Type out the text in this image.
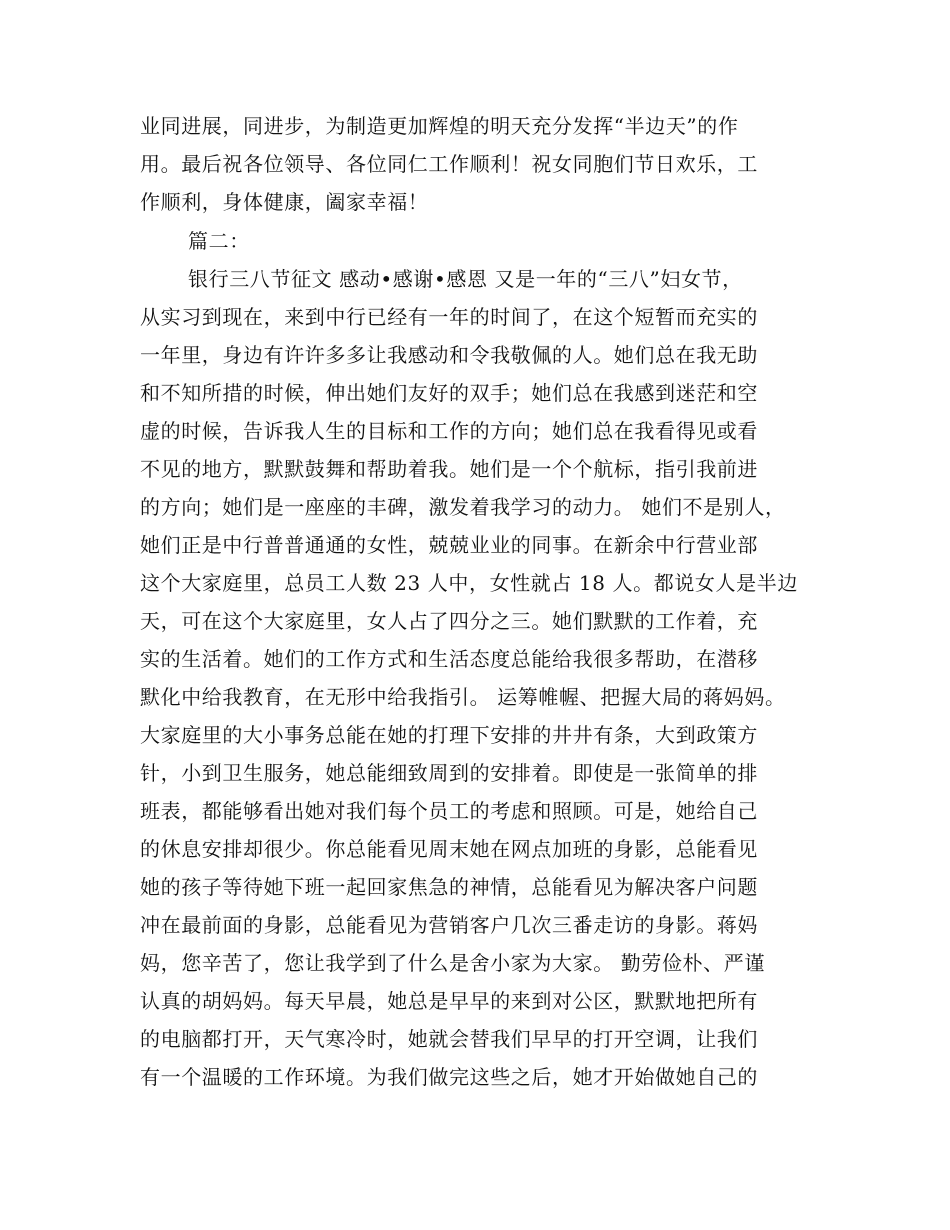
业同进展，同进步，为制造更加辉煌的明天充分发挥“半边天”的作
用。最后祝各位领导、各位同仁工作顺利！祝女同胞们节日欢乐，工
作顺利，身体健康，阖家幸福！
篇二：
银行三八节征文 感动•感谢•感恩 又是一年的“三八”妇女节，
从实习到现在，来到中行已经有一年的时间了，在这个短暂而充实的
一年里，身边有许许多多让我感动和令我敬佩的人。她们总在我无助
和不知所措的时候，伸出她们友好的双手；她们总在我感到迷茫和空
虚的时候，告诉我人生的目标和工作的方向；她们总在我看得见或看
不见的地方，默默鼓舞和帮助着我。她们是一个个航标，指引我前进
的方向；她们是一座座的丰碑，激发着我学习的动力。 她们不是别人，
她们正是中行普普通通的女性，兢兢业业的同事。在新余中行营业部
这个大家庭里，总员工人数 23 人中，女性就占 18 人。都说女人是半边
天，可在这个大家庭里，女人占了四分之三。她们默默的工作着，充
实的生活着。她们的工作方式和生活态度总能给我很多帮助，在潜移
默化中给我教育，在无形中给我指引。 运筹帷幄、把握大局的蒋妈妈。
大家庭里的大小事务总能在她的打理下安排的井井有条，大到政策方
针，小到卫生服务，她总能细致周到的安排着。即使是一张简单的排
班表，都能够看出她对我们每个员工的考虑和照顾。可是，她给自己
的休息安排却很少。你总能看见周末她在网点加班的身影，总能看见
她的孩子等待她下班一起回家焦急的神情，总能看见为解决客户问题
冲在最前面的身影，总能看见为营销客户几次三番走访的身影。蒋妈
妈，您辛苦了，您让我学到了什么是舍小家为大家。 勤劳俭朴、严谨
认真的胡妈妈。每天早晨，她总是早早的来到对公区，默默地把所有
的电脑都打开，天气寒冷时，她就会替我们早早的打开空调，让我们
有一个温暖的工作环境。为我们做完这些之后，她才开始做她自己的
